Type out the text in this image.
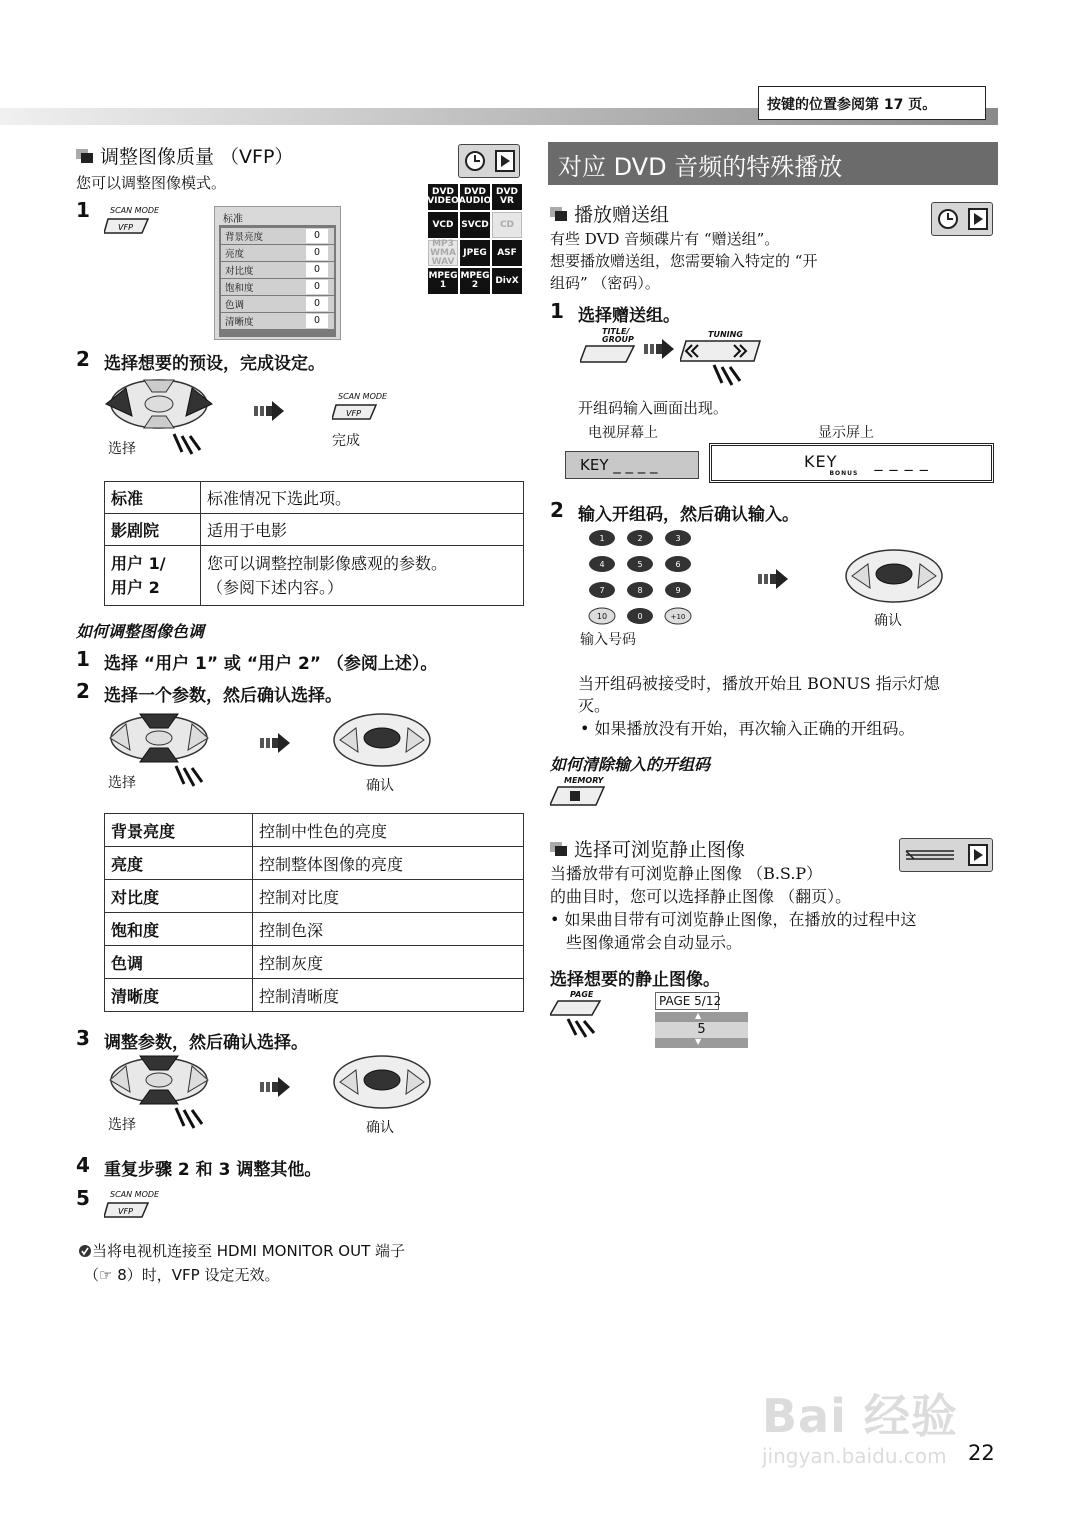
按键的位置参阅第 17 页。
调整图像质量 （VFP）
您可以调整图像模式。	DVD VIDEO
DVD AUDIO
DVD VR
VCD SVCD	CD
MP3 WMA WAV
JPEG	ASF
MPEG 1
MPEG 2	DivX
1	SCAN MODE
VFP
标准
背景亮度	0
亮度	0
对比度	0
饱和度	0
色调	0
清晰度	0
2 选择想要的预设，完成设定。
选择
SCAN MODE
VFP
完成
标准	标准情况下选此项。
影剧院	适用于电影
用户 1/
用户 2	您可以调整控制影像感观的参数。
（参阅下述内容。）
如何调整图像色调
1 选择 “用户 1” 或 “用户 2” （参阅上述）。
2 选择一个参数，然后确认选择。
选择	确认
背景亮度	控制中性色的亮度
亮度	控制整体图像的亮度
对比度	控制对比度
饱和度	控制色深
色调	控制灰度
清晰度	控制清晰度
3 调整参数，然后确认选择。
选择	确认
4 重复步骤 2 和 3 调整其他。
5	SCAN MODE
VFP
当将电视机连接至 HDMI MONITOR OUT 端子
（☞ 8）时，VFP 设定无效。
对应 DVD 音频的特殊播放
播放赠送组
有些 DVD 音频碟片有 “赠送组”。
想要播放赠送组，您需要输入特定的 “开
组码” （密码）。
1 选择赠送组。
TITLE/ GROUP
TUNING
开组码输入画面出现。
电视屏幕上	显示屏上
KEY _ _ _ _	KEY $_{BONUS}$ _ _ _ _
2 输入开组码，然后确认输入。
1	2	3
4	5	6
7	8	9
10	0	+10
输入号码
确认
当开组码被接受时，播放开始且 BONUS 指示灯熄
灭。
• 如果播放没有开始，再次输入正确的开组码。
如何清除输入的开组码
MEMORY
选择可浏览静止图像
当播放带有可浏览静止图像 （B.S.P）
的曲目时，您可以选择静止图像 （翻页）。
• 如果曲目带有可浏览静止图像，在播放的过程中这
些图像通常会自动显示。
选择想要的静止图像。
PAGE	PAGE 5/12
▲
5
▼
Bai 经验
jingyan.baidu.com 22
